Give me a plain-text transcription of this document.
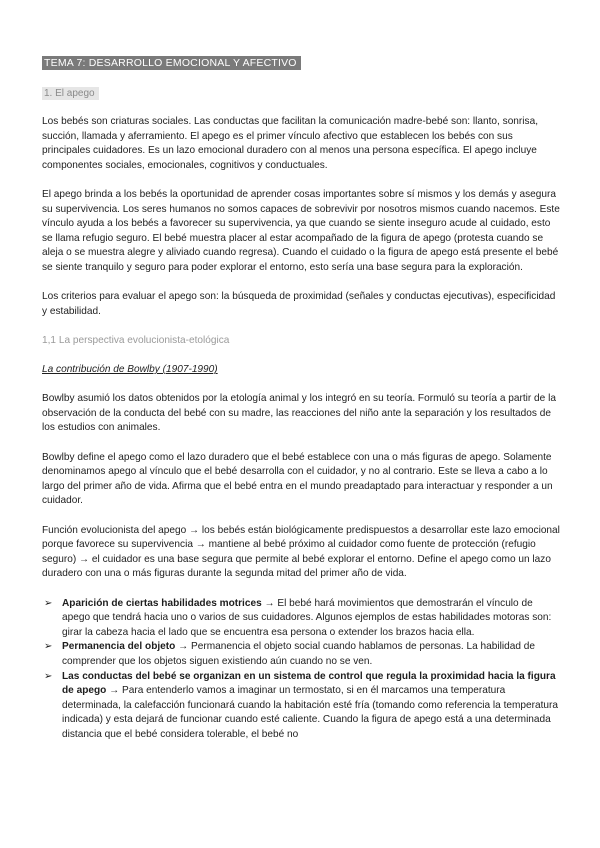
TEMA 7: DESARROLLO EMOCIONAL Y AFECTIVO
1. El apego

Los bebés son criaturas sociales. Las conductas que facilitan la comunicación madre-bebé son: llanto, sonrisa, succión, llamada y aferramiento. El apego es el primer vínculo afectivo que establecen los bebés con sus principales cuidadores. Es un lazo emocional duradero con al menos una persona específica. El apego incluye componentes sociales, emocionales, cognitivos y conductuales.

El apego brinda a los bebés la oportunidad de aprender cosas importantes sobre sí mismos y los demás y asegura su supervivencia. Los seres humanos no somos capaces de sobrevivir por nosotros mismos cuando nacemos. Este vínculo ayuda a los bebés a favorecer su supervivencia, ya que cuando se siente inseguro acude al cuidado, esto se llama refugio seguro. El bebé muestra placer al estar acompañado de la figura de apego (protesta cuando se aleja o se muestra alegre y aliviado cuando regresa). Cuando el cuidado o la figura de apego está presente el bebé se siente tranquilo y seguro para poder explorar el entorno, esto sería una base segura para la exploración.

Los criterios para evaluar el apego son: la búsqueda de proximidad (señales y conductas ejecutivas), especificidad y estabilidad.

1,1 La perspectiva evolucionista-etológica
La contribución de Bowlby (1907-1990)

Bowlby asumió los datos obtenidos por la etología animal y los integró en su teoría. Formuló su teoría a partir de la observación de la conducta del bebé con su madre, las reacciones del niño ante la separación y los resultados de los estudios con animales.

Bowlby define el apego como el lazo duradero que el bebé establece con una o más figuras de apego. Solamente denominamos apego al vínculo que el bebé desarrolla con el cuidador, y no al contrario. Este se lleva a cabo a lo largo del primer año de vida. Afirma que el bebé entra en el mundo preadaptado para interactuar y responder a un cuidador.

Función evolucionista del apego → los bebés están biológicamente predispuestos a desarrollar este lazo emocional porque favorece su supervivencia → mantiene al bebé próximo al cuidador como fuente de protección (refugio seguro) → el cuidador es una base segura que permite al bebé explorar el entorno. Define el apego como un lazo duradero con una o más figuras durante la segunda mitad del primer año de vida.

➢ Aparición de ciertas habilidades motrices → El bebé hará movimientos que demostrarán el vínculo de apego que tendrá hacia uno o varios de sus cuidadores. Algunos ejemplos de estas habilidades motoras son: girar la cabeza hacia el lado que se encuentra esa persona o extender los brazos hacia ella.
➢ Permanencia del objeto → Permanencia el objeto social cuando hablamos de personas. La habilidad de comprender que los objetos siguen existiendo aún cuando no se ven.
➢ Las conductas del bebé se organizan en un sistema de control que regula la proximidad hacia la figura de apego → Para entenderlo vamos a imaginar un termostato, si en él marcamos una temperatura determinada, la calefacción funcionará cuando la habitación esté fría (tomando como referencia la temperatura indicada) y esta dejará de funcionar cuando esté caliente. Cuando la figura de apego está a una determinada distancia que el bebé considera tolerable, el bebé no
